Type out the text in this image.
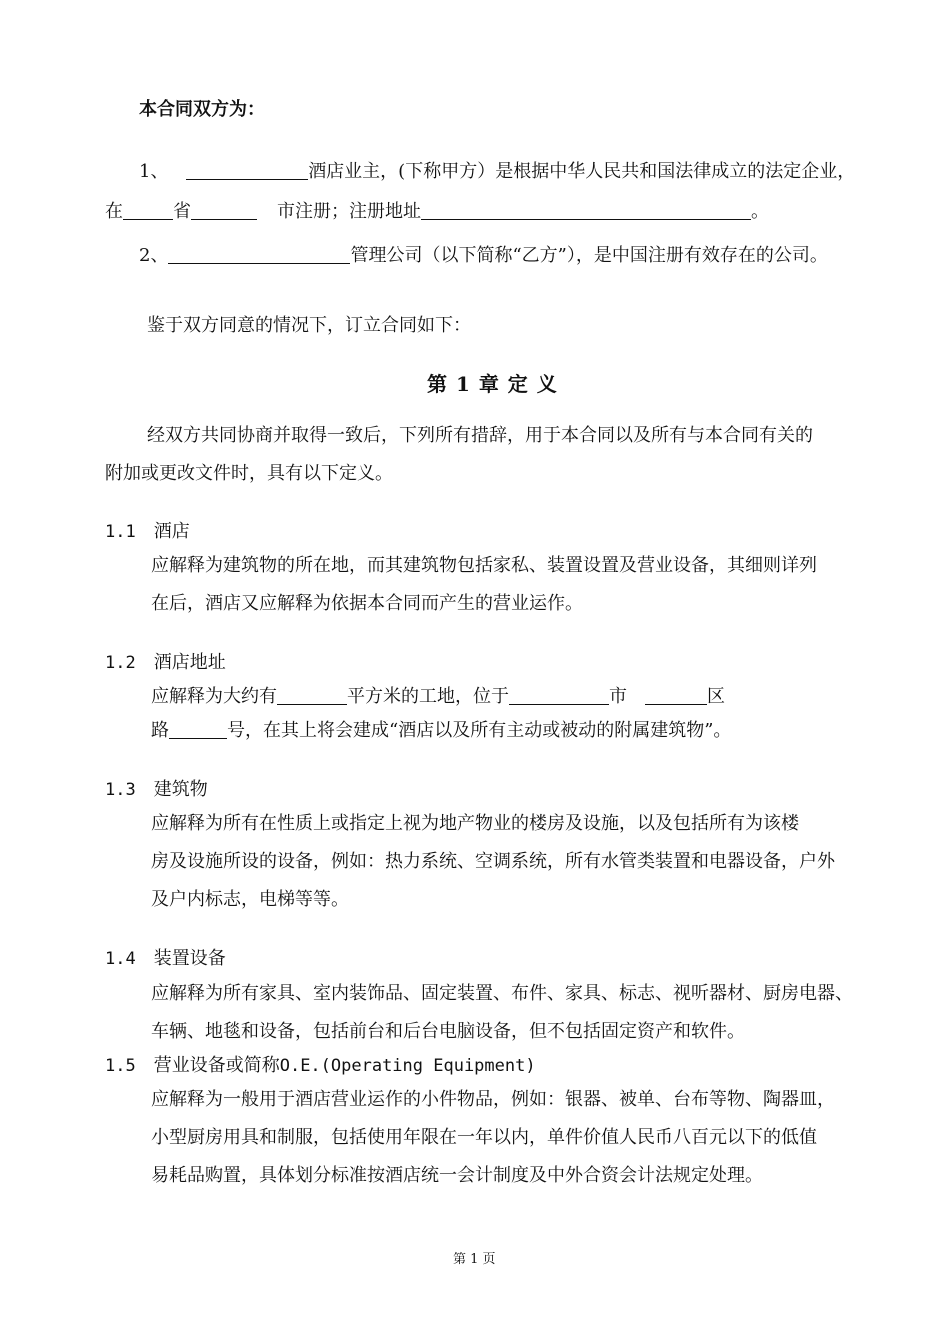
本合同双方为：
1、	酒店业主，(下称甲方）是根据中华人民共和国法律成立的法定企业，
在	省	市注册；注册地址	。
2、	管理公司（以下简称“乙方”），是中国注册有效存在的公司。
鉴于双方同意的情况下，订立合同如下：
第 1 章 定 义
经双方共同协商并取得一致后，下列所有措辞，用于本合同以及所有与本合同有关的
附加或更改文件时，具有以下定义。
1.1 酒店
应解释为建筑物的所在地，而其建筑物包括家私、装置设置及营业设备，其细则详列
在后，酒店又应解释为依据本合同而产生的营业运作。
1.2 酒店地址
应解释为大约有	平方米的工地，位于	市	区
路	号，在其上将会建成“酒店以及所有主动或被动的附属建筑物”。
1.3 建筑物
应解释为所有在性质上或指定上视为地产物业的楼房及设施，以及包括所有为该楼
房及设施所设的设备，例如：热力系统、空调系统，所有水管类装置和电器设备，户外
及户内标志，电梯等等。
1.4 装置设备
应解释为所有家具、室内装饰品、固定装置、布件、家具、标志、视听器材、厨房电器、
车辆、地毯和设备，包括前台和后台电脑设备，但不包括固定资产和软件。
1.5 营业设备或简称O.E.(Operating Equipment)
应解释为一般用于酒店营业运作的小件物品，例如：银器、被单、台布等物、陶器皿，
小型厨房用具和制服，包括使用年限在一年以内，单件价值人民币八百元以下的低值
易耗品购置，具体划分标准按酒店统一会计制度及中外合资会计法规定处理。
第 1 页
